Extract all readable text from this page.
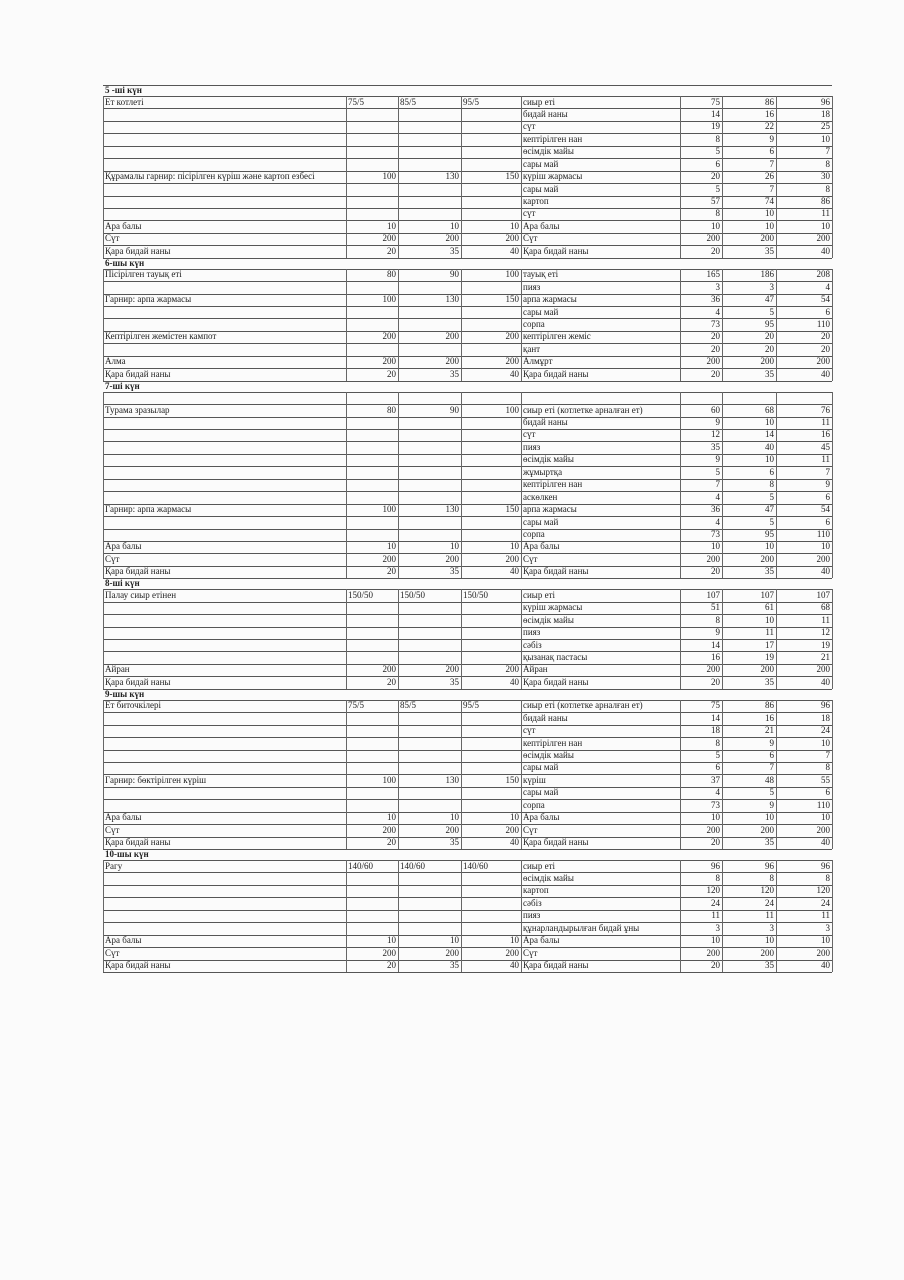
5 -ші күн
Ет котлеті	75/5	85/5	95/5	сиыр еті	75	86	96
бидай наны	14	16	18
сүт	19	22	25
кептірілген нан	8	9	10
өсімдік майы	5	6	7
сары май	6	7	8
Құрамалы гарнир: пісірілген күріш және картоп езбесі	100	130	150 күріш жармасы	20	26	30
сары май	5	7	8
картоп	57	74	86
сүт	8	10	11
Ара балы	10	10	10 Ара балы	10	10	10
Сүт	200	200	200 Сүт	200	200	200
Қара бидай наны	20	35	40 Қара бидай наны	20	35	40
6-шы күн
Пісірілген тауық еті	80	90	100 тауық еті	165	186	208
пияз	3	3	4
Гарнир: арпа жармасы	100	130	150 арпа жармасы	36	47	54
сары май	4	5	6
сорпа	73	95	110
Кептірілген жемістен кампот	200	200	200 кептірілген жеміс	20	20	20
қант	20	20	20
Алма	200	200	200 Алмұрт	200	200	200
Қара бидай наны	20	35	40 Қара бидай наны	20	35	40
7-ші күн
Турама зразылар	80	90	100 сиыр еті (котлетке арналған ет)	60	68	76
бидай наны	9	10	11
сүт	12	14	16
пияз	35	40	45
өсімдік майы	9	10	11
жұмыртқа	5	6	7
кептірілген нан	7	8	9
аскөлкен	4	5	6
Гарнир: арпа жармасы	100	130	150 арпа жармасы	36	47	54
сары май	4	5	6
сорпа	73	95	110
Ара балы	10	10	10 Ара балы	10	10	10
Сүт	200	200	200 Сүт	200	200	200
Қара бидай наны	20	35	40 Қара бидай наны	20	35	40
8-ші күн
Палау сиыр етінен	150/50	150/50	150/50	сиыр еті	107	107	107
күріш жармасы	51	61	68
өсімдік майы	8	10	11
пияз	9	11	12
сәбіз	14	17	19
қызанақ пастасы	16	19	21
Айран	200	200	200 Айран	200	200	200
Қара бидай наны	20	35	40 Қара бидай наны	20	35	40
9-шы күн
Ет биточкілері	75/5	85/5	95/5	сиыр еті (котлетке арналған ет)	75	86	96
бидай наны	14	16	18
сүт	18	21	24
кептірілген нан	8	9	10
өсімдік майы	5	6	7
сары май	6	7	8
Гарнир: бөктірілген күріш	100	130	150 күріш	37	48	55
сары май	4	5	6
сорпа	73	9	110
Ара балы	10	10	10 Ара балы	10	10	10
Сүт	200	200	200 Сүт	200	200	200
Қара бидай наны	20	35	40 Қара бидай наны	20	35	40
10-шы күн
Рагу	140/60	140/60	140/60	сиыр еті	96	96	96
өсімдік майы	8	8	8
картоп	120	120	120
сәбіз	24	24	24
пияз	11	11	11
құнарландырылған бидай ұны	3	3	3
Ара балы	10	10	10 Ара балы	10	10	10
Сүт	200	200	200 Сүт	200	200	200
Қара бидай наны	20	35	40 Қара бидай наны	20	35	40
